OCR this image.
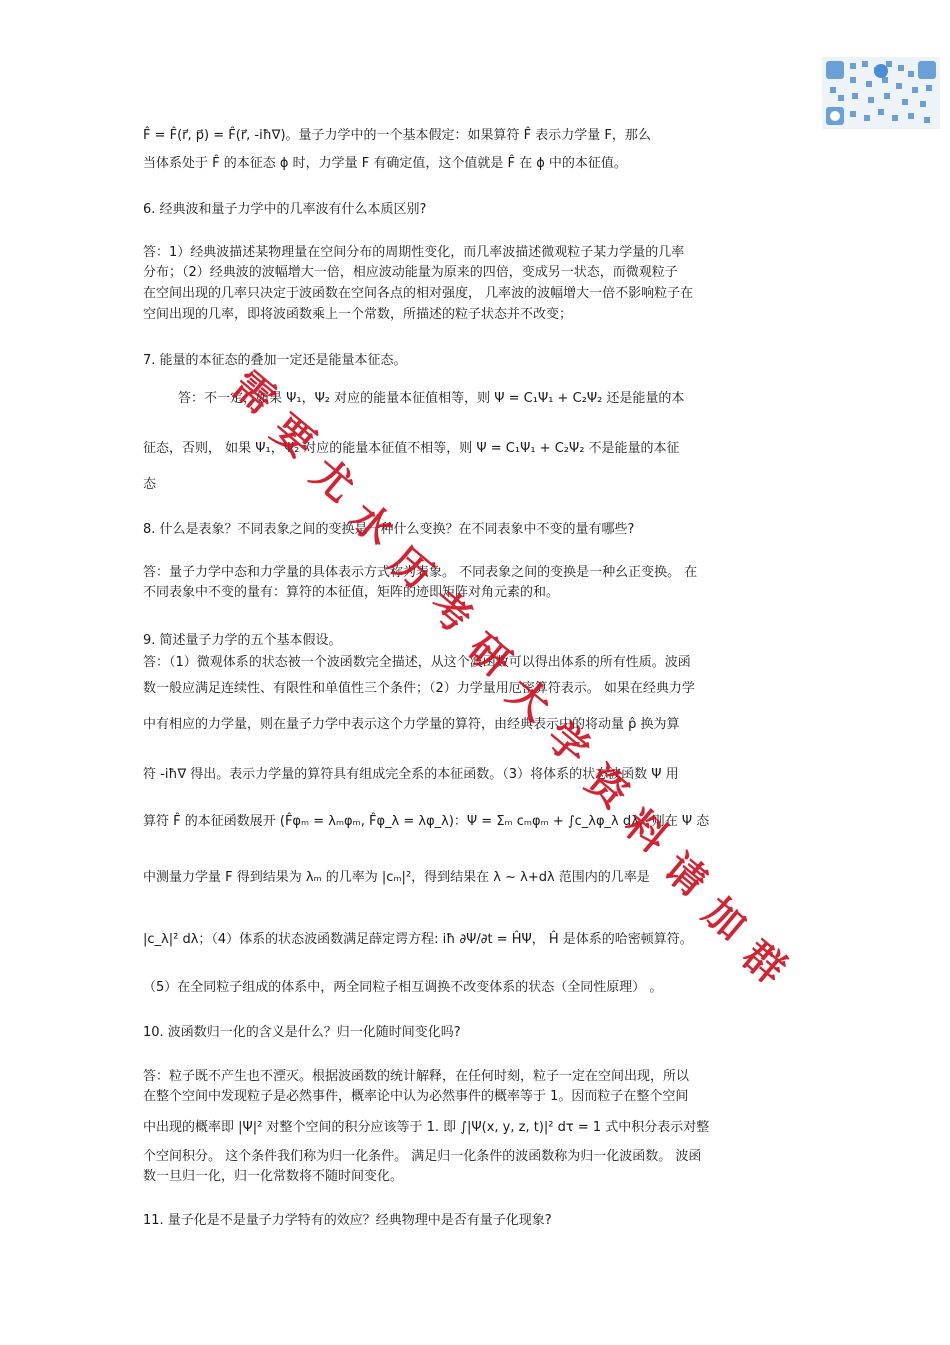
F̂ = F̂(r⃗, p⃗) = F̂(r⃗, -iħ∇)。量子力学中的一个基本假定：如果算符 F̂ 表示力学量 F，那么
当体系处于 F̂ 的本征态 ϕ 时，力学量 F 有确定值，这个值就是 F̂ 在 ϕ 中的本征值。
6. 经典波和量子力学中的几率波有什么本质区别?
答：1）经典波描述某物理量在空间分布的周期性变化，而几率波描述微观粒子某力学量的几率
分布；（2）经典波的波幅增大一倍，相应波动能量为原来的四倍，变成另一状态，而微观粒子
在空间出现的几率只决定于波函数在空间各点的相对强度， 几率波的波幅增大一倍不影响粒子在
空间出现的几率，即将波函数乘上一个常数，所描述的粒子状态并不改变；
7. 能量的本征态的叠加一定还是能量本征态。
答：不一定，如果 Ψ₁，Ψ₂ 对应的能量本征值相等，则 Ψ = C₁Ψ₁ + C₂Ψ₂ 还是能量的本
征态，否则， 如果 Ψ₁，Ψ₂ 对应的能量本征值不相等，则 Ψ = C₁Ψ₁ + C₂Ψ₂ 不是能量的本征
态
8. 什么是表象？不同表象之间的变换是一种什么变换？在不同表象中不变的量有哪些?
答：量子力学中态和力学量的具体表示方式称为表象。 不同表象之间的变换是一种幺正变换。 在
不同表象中不变的量有：算符的本征值，矩阵的迹即矩阵对角元素的和。
9. 简述量子力学的五个基本假设。
答：（1）微观体系的状态被一个波函数完全描述，从这个波函数可以得出体系的所有性质。波函
数一般应满足连续性、有限性和单值性三个条件；（2）力学量用厄密算符表示。 如果在经典力学
中有相应的力学量，则在量子力学中表示这个力学量的算符，由经典表示中的将动量 p̂ 换为算
符 -iħ∇ 得出。表示力学量的算符具有组成完全系的本征函数。（3）将体系的状态波函数 Ψ 用
算符 F̂ 的本征函数展开 (F̂φₘ = λₘφₘ, F̂φ_λ = λφ_λ)：Ψ = Σₘ cₘφₘ + ∫c_λφ_λ dλ，则在 Ψ 态
中测量力学量 F 得到结果为 λₘ 的几率为 |cₘ|²，得到结果在 λ ~ λ+dλ 范围内的几率是
|c_λ|² dλ；（4）体系的状态波函数满足薛定谔方程: iħ ∂Ψ/∂t = ĤΨ， Ĥ 是体系的哈密顿算符。
（5）在全同粒子组成的体系中，两全同粒子相互调换不改变体系的状态（全同性原理） 。
10. 波函数归一化的含义是什么？归一化随时间变化吗?
答：粒子既不产生也不湮灭。根据波函数的统计解释，在任何时刻，粒子一定在空间出现，所以
在整个空间中发现粒子是必然事件，概率论中认为必然事件的概率等于 1。因而粒子在整个空间
中出现的概率即 |Ψ|² 对整个空间的积分应该等于 1. 即 ∫|Ψ(x, y, z, t)|² dτ = 1 式中积分表示对整
个空间积分。 这个条件我们称为归一化条件。 满足归一化条件的波函数称为归一化波函数。 波函
数一旦归一化，归一化常数将不随时间变化。
11. 量子化是不是量子力学特有的效应？经典物理中是否有量子化现象?
需
要
尤
水
历
考
研
大
学
资
料
请
加
群
